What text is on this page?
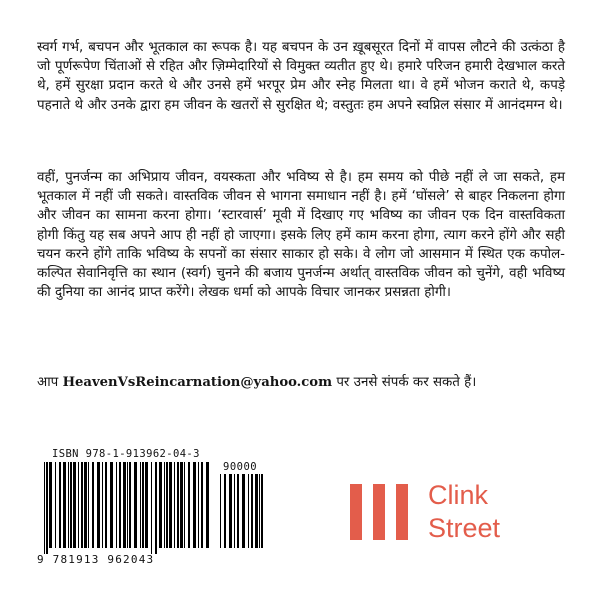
स्वर्ग गर्भ, बचपन और भूतकाल का रूपक है। यह बचपन के उन ख़ूबसूरत दिनों में वापस लौटने की उत्कंठा है जो पूर्णरूपेण चिंताओं से रहित और ज़िम्मेदारियों से विमुक्त व्यतीत हुए थे। हमारे परिजन हमारी देखभाल करते थे, हमें सुरक्षा प्रदान करते थे और उनसे हमें भरपूर प्रेम और स्नेह मिलता था। वे हमें भोजन कराते थे, कपड़े पहनाते थे और उनके द्वारा हम जीवन के खतरों से सुरक्षित थे; वस्तुतः हम अपने स्वप्निल संसार में आनंदमग्न थे।

वहीं, पुनर्जन्म का अभिप्राय जीवन, वयस्कता और भविष्य से है। हम समय को पीछे नहीं ले जा सकते, हम भूतकाल में नहीं जी सकते। वास्तविक जीवन से भागना समाधान नहीं है। हमें ‘घोंसले’ से बाहर निकलना होगा और जीवन का सामना करना होगा। ‘स्टारवार्स’ मूवी में दिखाए गए भविष्य का जीवन एक दिन वास्तविकता होगी किंतु यह सब अपने आप ही नहीं हो जाएगा। इसके लिए हमें काम करना होगा, त्याग करने होंगे और सही चयन करने होंगे ताकि भविष्य के सपनों का संसार साकार हो सके। वे लोग जो आसमान में स्थित एक कपोल-कल्पित सेवानिवृत्ति का स्थान (स्वर्ग) चुनने की बजाय पुनर्जन्म अर्थात् वास्तविक जीवन को चुनेंगे, वही भविष्य की दुनिया का आनंद प्राप्त करेंगे। लेखक धर्मा को आपके विचार जानकर प्रसन्नता होगी।

आप HeavenVsReincarnation@yahoo.com पर उनसे संपर्क कर सकते हैं।

ISBN 978-1-913962-04-3
90000
9 781913 962043
Clink
Street
